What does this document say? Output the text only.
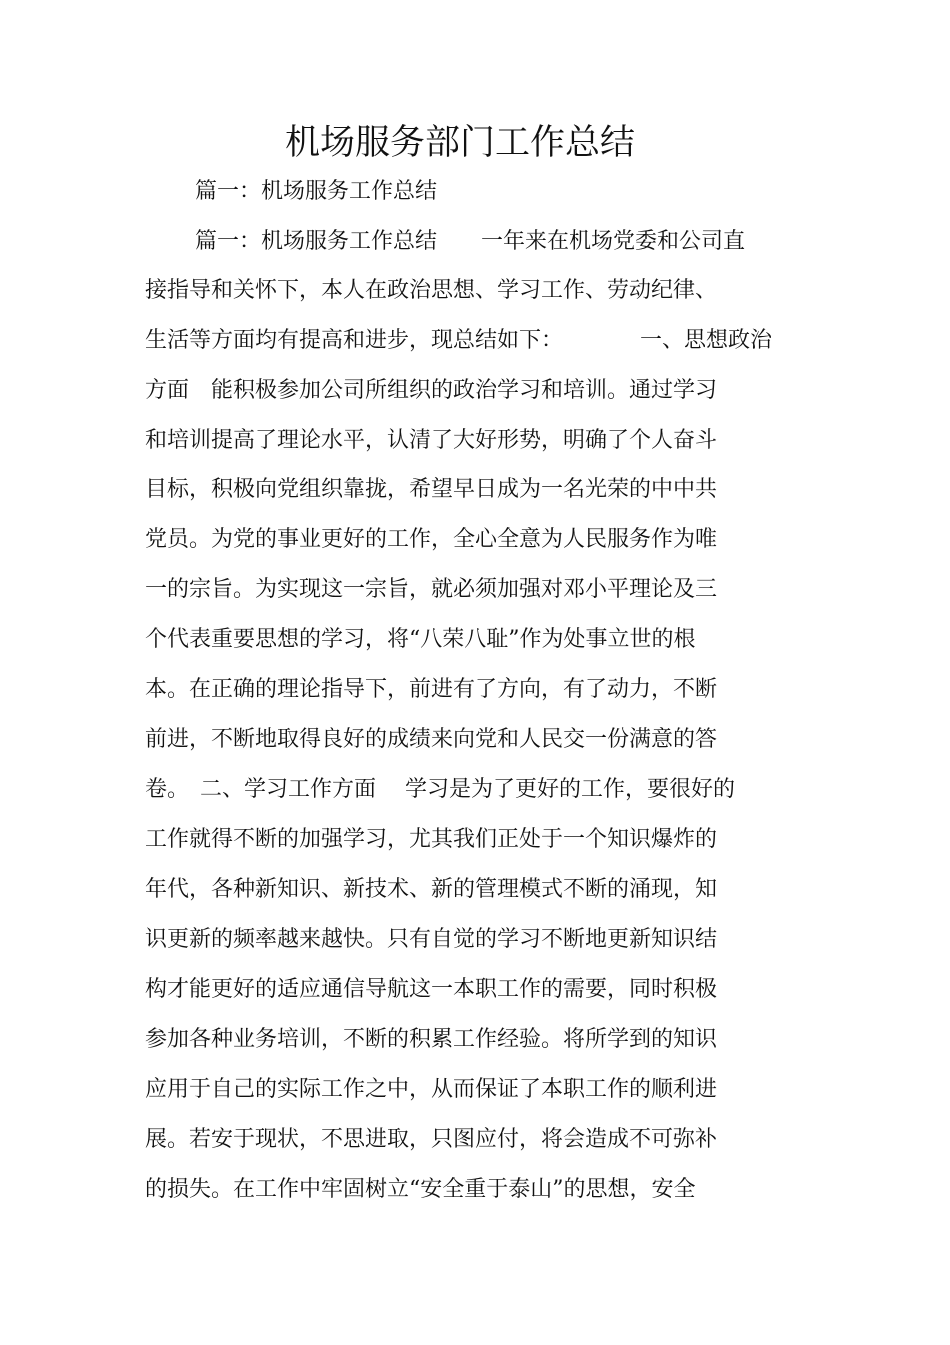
机场服务部门工作总结
篇一：机场服务工作总结
篇一：机场服务工作总结　　一年来在机场党委和公司直
接指导和关怀下，本人在政治思想、学习工作、劳动纪律、
生活等方面均有提高和进步，现总结如下：　　　　一、思想政治
方面　能积极参加公司所组织的政治学习和培训。通过学习
和培训提高了理论水平，认清了大好形势，明确了个人奋斗
目标，积极向党组织靠拢，希望早日成为一名光荣的中中共
党员。为党的事业更好的工作，全心全意为人民服务作为唯
一的宗旨。为实现这一宗旨，就必须加强对邓小平理论及三
个代表重要思想的学习，将“八荣八耻”作为处事立世的根
本。在正确的理论指导下，前进有了方向，有了动力，不断
前进，不断地取得良好的成绩来向党和人民交一份满意的答
卷。　二、学习工作方面　 学习是为了更好的工作，要很好的
工作就得不断的加强学习，尤其我们正处于一个知识爆炸的
年代，各种新知识、新技术、新的管理模式不断的涌现，知
识更新的频率越来越快。只有自觉的学习不断地更新知识结
构才能更好的适应通信导航这一本职工作的需要，同时积极
参加各种业务培训，不断的积累工作经验。将所学到的知识
应用于自己的实际工作之中，从而保证了本职工作的顺利进
展。若安于现状，不思进取，只图应付，将会造成不可弥补
的损失。在工作中牢固树立“安全重于泰山”的思想，安全
